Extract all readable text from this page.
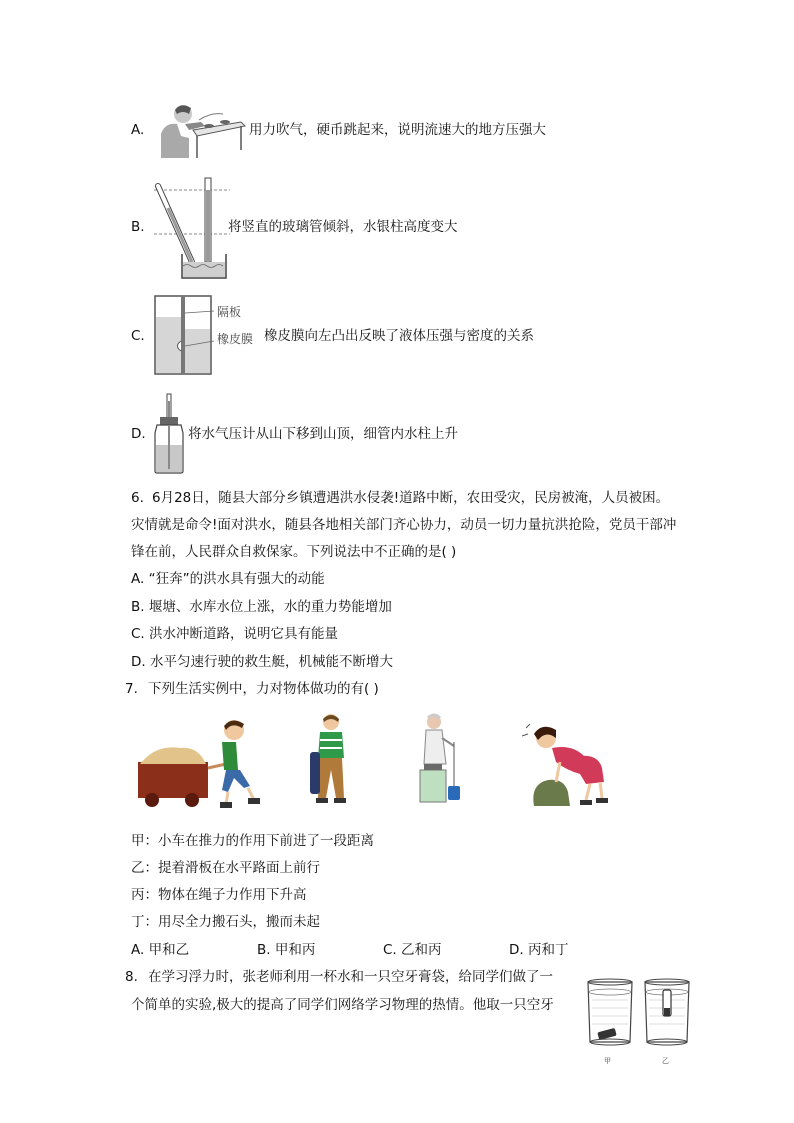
A.	用力吹气，硬币跳起来，说明流速大的地方压强大
B.	将竖直的玻璃管倾斜，水银柱高度变大
C.
隔板
橡皮膜 橡皮膜向左凸出反映了液体压强与密度的关系
D.	将水气压计从山下移到山顶，细管内水柱上升
6. 6月28日，随县大部分乡镇遭遇洪水侵袭!道路中断，农田受灾，民房被淹，人员被困。
灾情就是命令!面对洪水，随县各地相关部门齐心协力，动员一切力量抗洪抢险，党员干部冲
锋在前，人民群众自救保家。下列说法中不正确的是( )
A. “狂奔”的洪水具有强大的动能
B. 堰塘、水库水位上涨，水的重力势能增加
C. 洪水冲断道路，说明它具有能量
D. 水平匀速行驶的救生艇，机械能不断增大
7. 下列生活实例中，力对物体做功的有( )
甲：小车在推力的作用下前进了一段距离
乙：提着滑板在水平路面上前行
丙：物体在绳子力作用下升高
丁：用尽全力搬石头，搬而未起
A. 甲和乙	B. 甲和丙	C. 乙和丙	D. 丙和丁
8. 在学习浮力时，张老师利用一杯水和一只空牙膏袋，给同学们做了一
个简单的实验,极大的提高了同学们网络学习物理的热情。他取一只空牙
甲	乙
